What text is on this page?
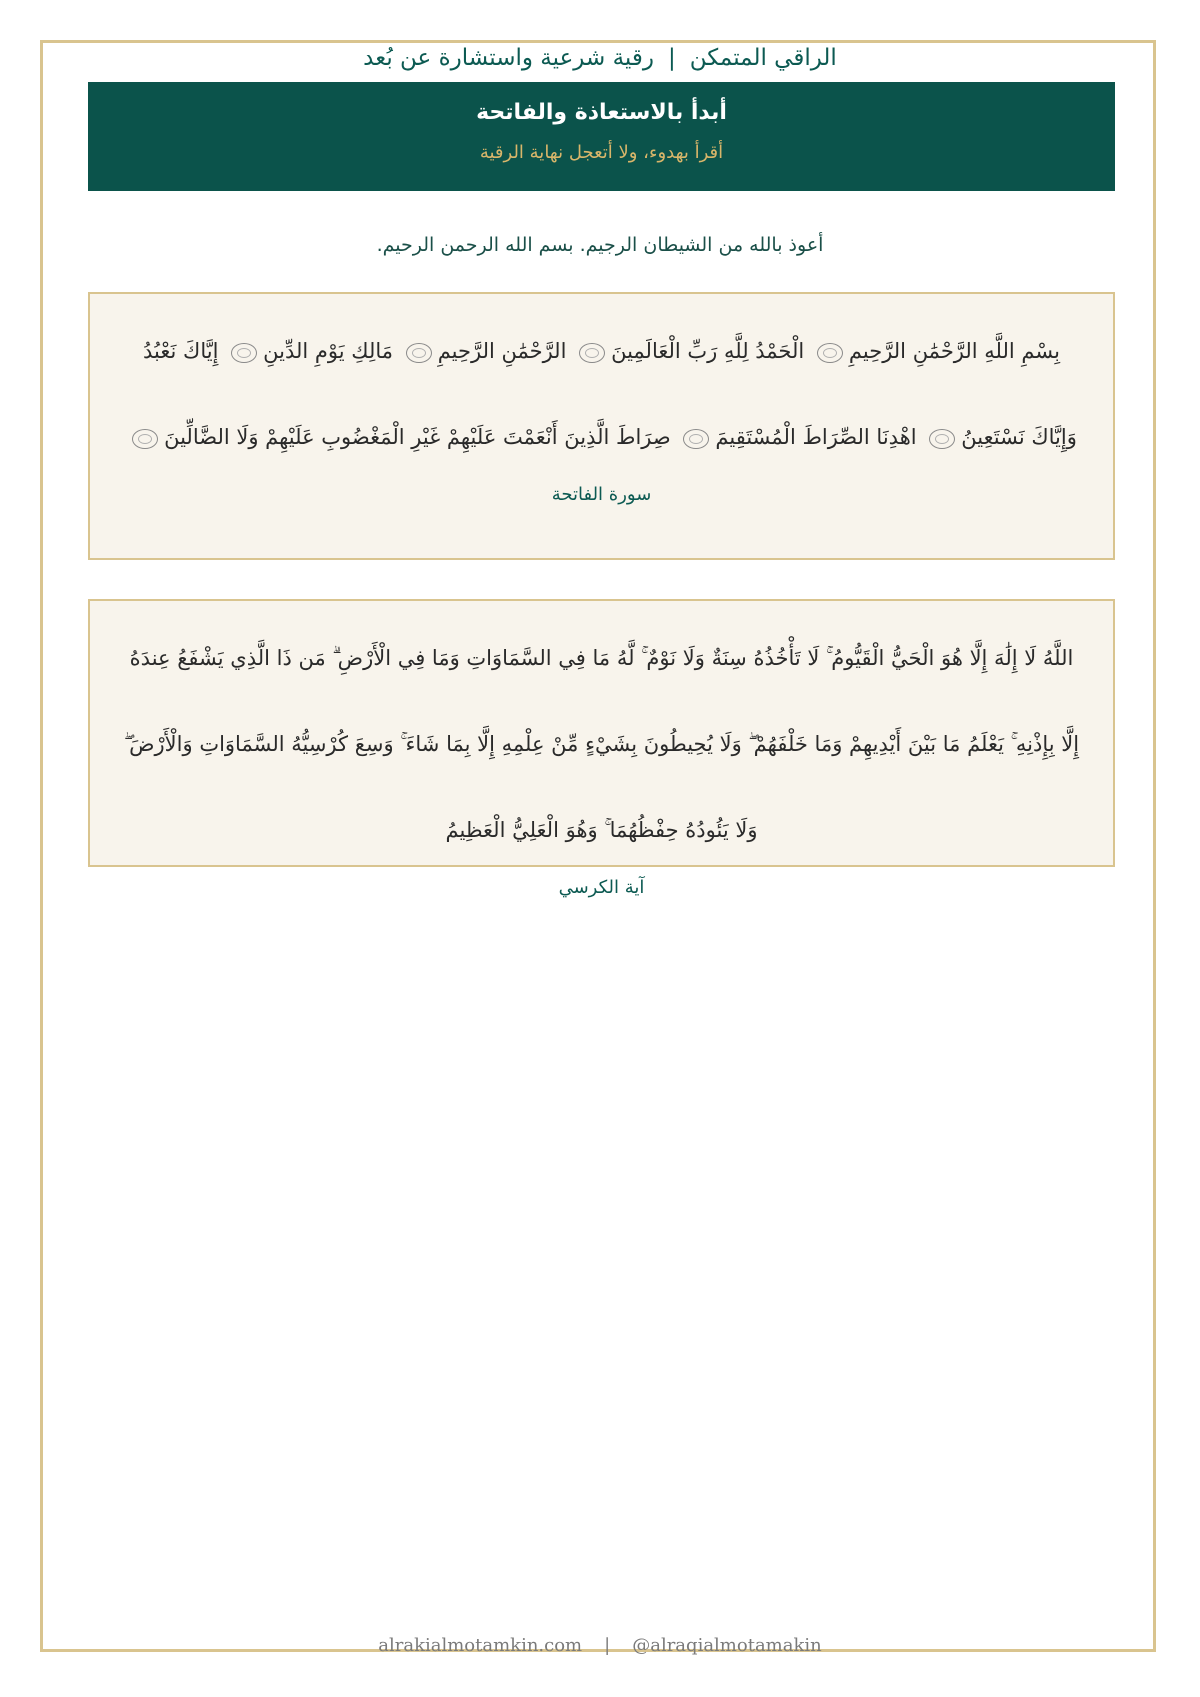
الراقي المتمكن|رقية شرعية واستشارة عن بُعد
أبدأ بالاستعاذة والفاتحة
أقرأ بهدوء، ولا أتعجل نهاية الرقية
أعوذ بالله من الشيطان الرجيم. بسم الله الرحمن الرحيم.
بِسْمِ اللَّهِ الرَّحْمَٰنِ الرَّحِيمِ الْحَمْدُ لِلَّهِ رَبِّ الْعَالَمِينَ الرَّحْمَٰنِ الرَّحِيمِ مَالِكِ يَوْمِ الدِّينِ إِيَّاكَ نَعْبُدُ وَإِيَّاكَ نَسْتَعِينُ اهْدِنَا الصِّرَاطَ الْمُسْتَقِيمَ صِرَاطَ الَّذِينَ أَنْعَمْتَ عَلَيْهِمْ غَيْرِ الْمَغْضُوبِ عَلَيْهِمْ وَلَا الضَّالِّينَ
سورة الفاتحة
اللَّهُ لَا إِلَٰهَ إِلَّا هُوَ الْحَيُّ الْقَيُّومُ ۚ لَا تَأْخُذُهُ سِنَةٌ وَلَا نَوْمٌ ۚ لَّهُ مَا فِي السَّمَاوَاتِ وَمَا فِي الْأَرْضِ ۗ مَن ذَا الَّذِي يَشْفَعُ عِندَهُ إِلَّا بِإِذْنِهِ ۚ يَعْلَمُ مَا بَيْنَ أَيْدِيهِمْ وَمَا خَلْفَهُمْ ۖ وَلَا يُحِيطُونَ بِشَيْءٍ مِّنْ عِلْمِهِ إِلَّا بِمَا شَاءَ ۚ وَسِعَ كُرْسِيُّهُ السَّمَاوَاتِ وَالْأَرْضَ ۖ وَلَا يَئُودُهُ حِفْظُهُمَا ۚ وَهُوَ الْعَلِيُّ الْعَظِيمُ
آية الكرسي
alrakialmotamkin.com | @alraqialmotamakin
